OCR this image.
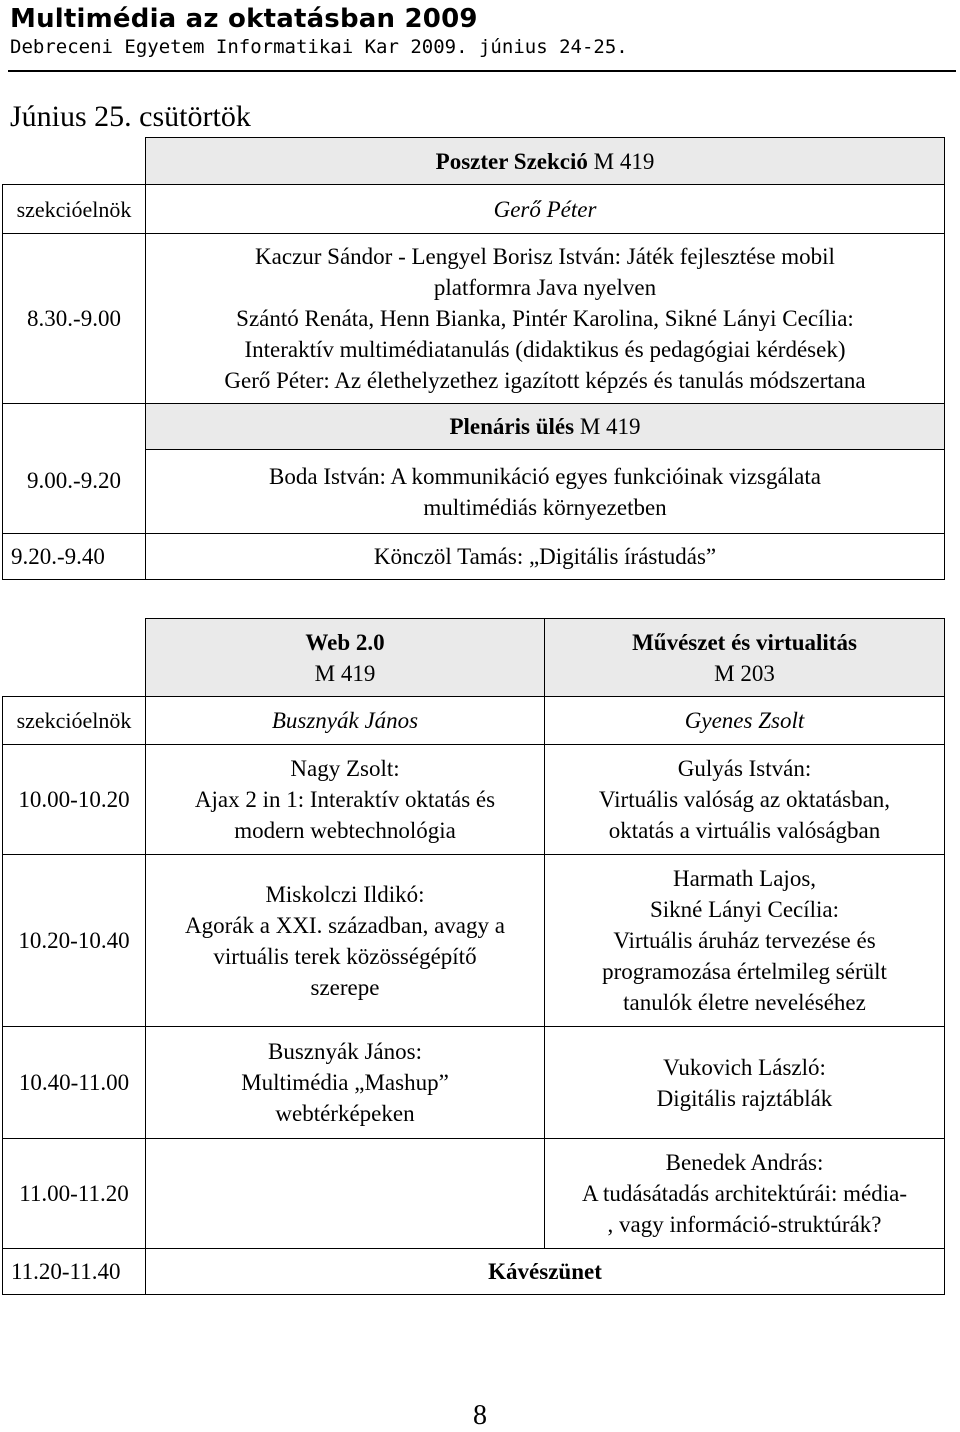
Multimédia az oktatásban 2009
Debreceni Egyetem Informatikai Kar 2009. június 24-25.
Június 25. csütörtök
	Poszter Szekció M 419
szekcióelnök	Gerő Péter
8.30.-9.00	Kaczur Sándor - Lengyel Borisz István: Játék fejlesztése mobil
platformra Java nyelven
Szántó Renáta, Henn Bianka, Pintér Karolina, Sikné Lányi Cecília:
Interaktív multimédiatanulás (didaktikus és pedagógiai kérdések)
Gerő Péter: Az élethelyzethez igazított képzés és tanulás módszertana

9.00.-9.20	Plenáris ülés M 419

	Boda István: A kommunikáció egyes funkcióinak vizsgálata
multimédiás környezetben

9.20.-9.40	Könczöl Tamás: „Digitális írástudás”

	Web 2.0
M 419	Művészet és virtualitás
M 203

szekcióelnök	Busznyák János	Gyenes Zsolt
10.00-10.20	Nagy Zsolt:
Ajax 2 in 1: Interaktív oktatás és
modern webtechnológia	Gulyás István:
Virtuális valóság az oktatásban,
oktatás a virtuális valóságban

10.20-10.40	Miskolczi Ildikó:
Agorák a XXI. században, avagy a
virtuális terek közösségépítő
szerepe	Harmath Lajos,
Sikné Lányi Cecília:
Virtuális áruház tervezése és
programozása értelmileg sérült
tanulók életre neveléséhez

10.40-11.00	Busznyák János:
Multimédia „Mashup”
webtérképeken	Vukovich László:
Digitális rajztáblák

11.00-11.20		Benedek András:
A tudásátadás architektúrái: média-
, vagy információ-struktúrák?

11.20-11.40	Kávészünet	
8
